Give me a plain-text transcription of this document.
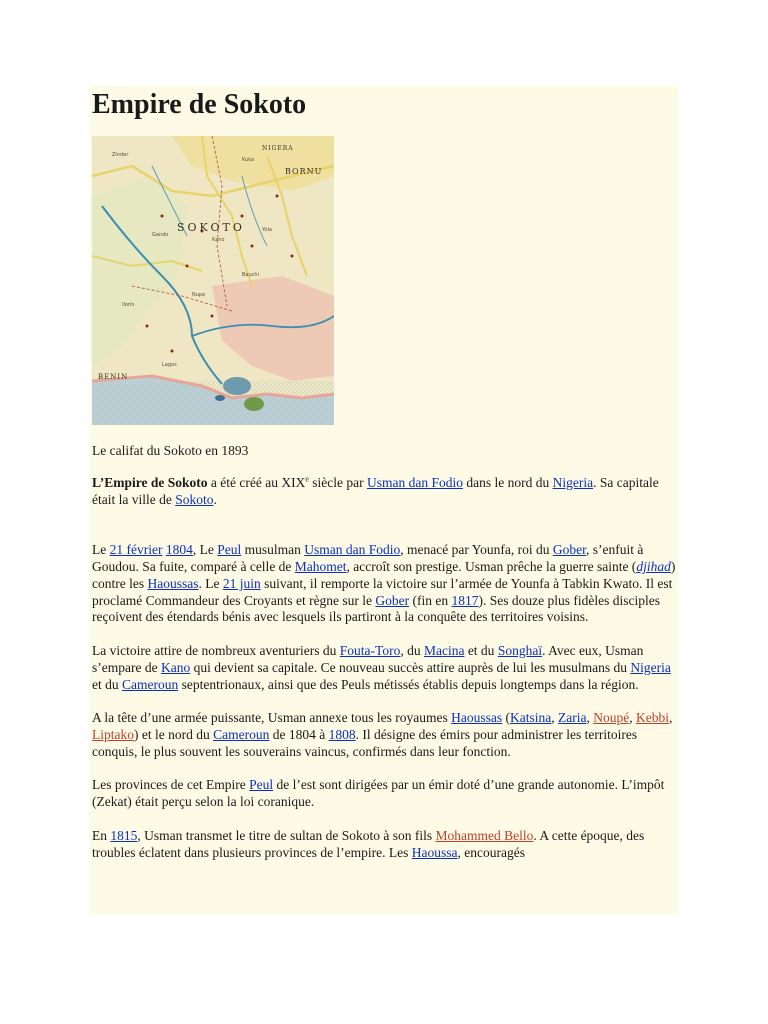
Empire de Sokoto
Zinder
Kuka
Gando
Kano
Yola
Ilorin
Nupe
Bauchi
Lagos
SOKOTO
BORNU
NIGERA
BENIN
Le califat du Sokoto en 1893

L’Empire de Sokoto a été créé au XIXe siècle par Usman dan Fodio dans le nord du Nigeria. Sa capitale était la ville de Sokoto.

Le 21 février 1804, Le Peul musulman Usman dan Fodio, menacé par Younfa, roi du Gober, s’enfuit à Goudou. Sa fuite, comparé à celle de Mahomet, accroît son prestige. Usman prêche la guerre sainte (djihad) contre les Haoussas. Le 21 juin suivant, il remporte la victoire sur l’armée de Younfa à Tabkin Kwato. Il est proclamé Commandeur des Croyants et règne sur le Gober (fin en 1817). Ses douze plus fidèles disciples reçoivent des étendards bénis avec lesquels ils partiront à la conquête des territoires voisins.

La victoire attire de nombreux aventuriers du Fouta-Toro, du Macina et du Songhaï. Avec eux, Usman s’empare de Kano qui devient sa capitale. Ce nouveau succès attire auprès de lui les musulmans du Nigeria et du Cameroun septentrionaux, ainsi que des Peuls métissés établis depuis longtemps dans la région.

A la tête d’une armée puissante, Usman annexe tous les royaumes Haoussas (Katsina, Zaria, Noupé, Kebbi, Liptako) et le nord du Cameroun de 1804 à 1808. Il désigne des émirs pour administrer les territoires conquis, le plus souvent les souverains vaincus, confirmés dans leur fonction.

Les provinces de cet Empire Peul de l’est sont dirigées par un émir doté d’une grande autonomie. L’impôt (Zekat) était perçu selon la loi coranique.

En 1815, Usman transmet le titre de sultan de Sokoto à son fils Mohammed Bello. A cette époque, des troubles éclatent dans plusieurs provinces de l’empire. Les Haoussa, encouragés
